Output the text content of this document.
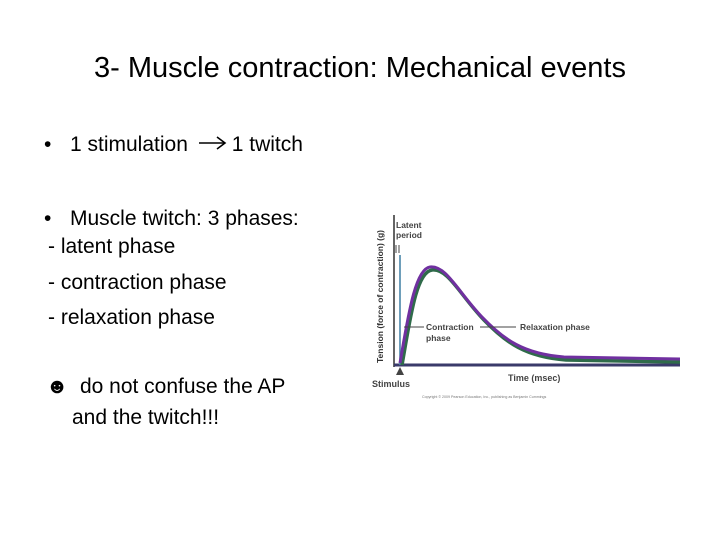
3- Muscle contraction: Mechanical events
• 1 stimulation 1 twitch
• Muscle twitch: 3 phases:
- latent phase
- contraction phase
- relaxation phase
☻ do not confuse the AP
and the twitch!!!
Tension (force of contraction) (g)
Latent
period
Contraction
phase
Relaxation phase
Stimulus
Time (msec)
Copyright © 2009 Pearson Education, Inc., publishing as Benjamin Cummings
